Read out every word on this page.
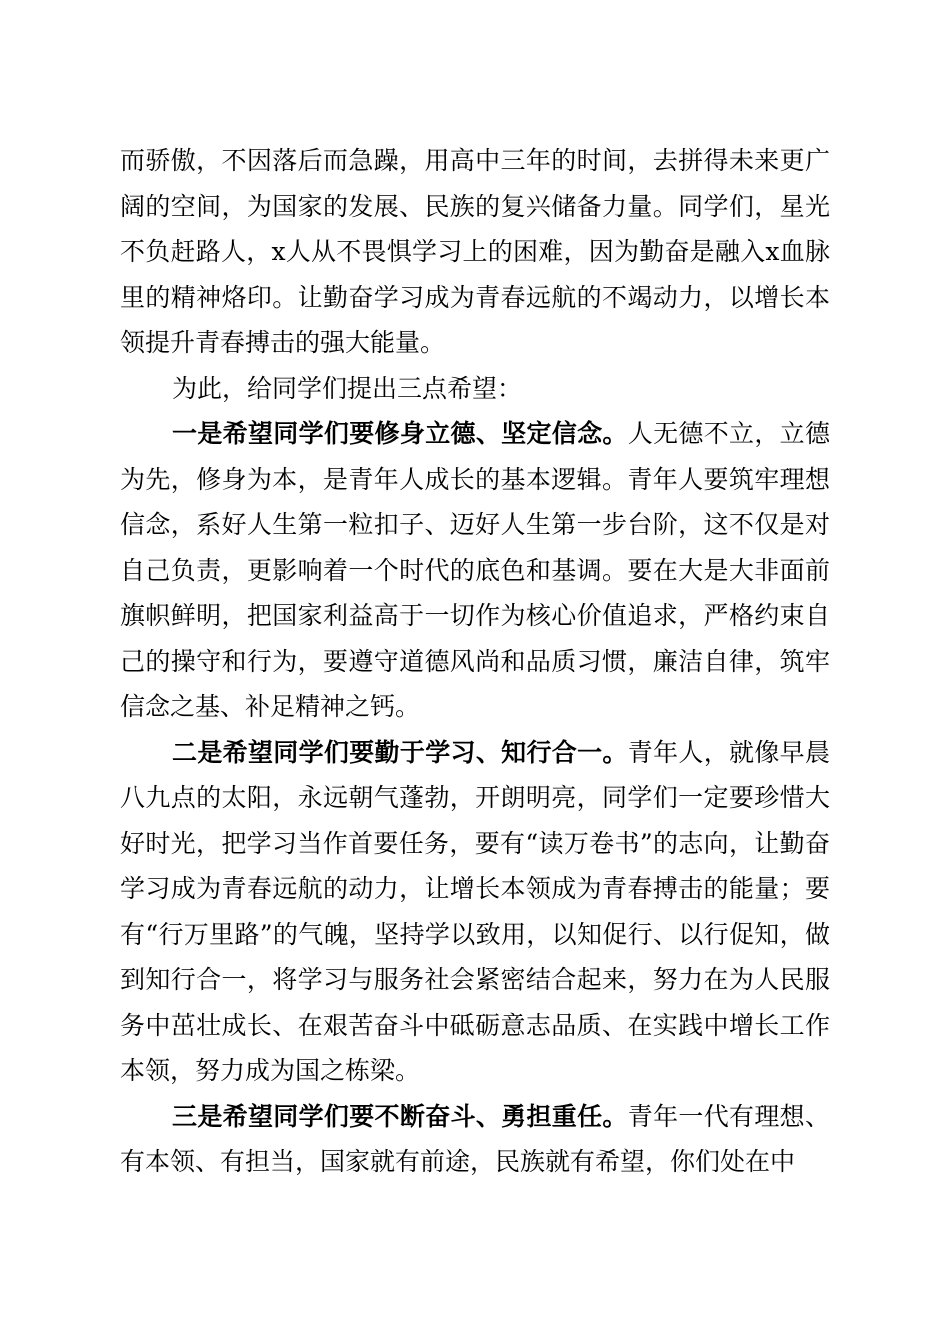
而骄傲，不因落后而急躁，用高中三年的时间，去拼得未来更广阔的空间，为国家的发展、民族的复兴储备力量。同学们，星光不负赶路人，x人从不畏惧学习上的困难，因为勤奋是融入x血脉里的精神烙印。让勤奋学习成为青春远航的不竭动力，以增长本领提升青春搏击的强大能量。

为此，给同学们提出三点希望：

一是希望同学们要修身立德、坚定信念。人无德不立，立德为先，修身为本，是青年人成长的基本逻辑。青年人要筑牢理想信念，系好人生第一粒扣子、迈好人生第一步台阶，这不仅是对自己负责，更影响着一个时代的底色和基调。要在大是大非面前旗帜鲜明，把国家利益高于一切作为核心价值追求，严格约束自己的操守和行为，要遵守道德风尚和品质习惯，廉洁自律，筑牢信念之基、补足精神之钙。

二是希望同学们要勤于学习、知行合一。青年人，就像早晨八九点的太阳，永远朝气蓬勃，开朗明亮，同学们一定要珍惜大好时光，把学习当作首要任务，要有“读万卷书”的志向，让勤奋学习成为青春远航的动力，让增长本领成为青春搏击的能量；要有“行万里路”的气魄，坚持学以致用，以知促行、以行促知，做到知行合一，将学习与服务社会紧密结合起来，努力在为人民服务中茁壮成长、在艰苦奋斗中砥砺意志品质、在实践中增长工作本领，努力成为国之栋梁。

三是希望同学们要不断奋斗、勇担重任。青年一代有理想、有本领、有担当，国家就有前途，民族就有希望，你们处在中
